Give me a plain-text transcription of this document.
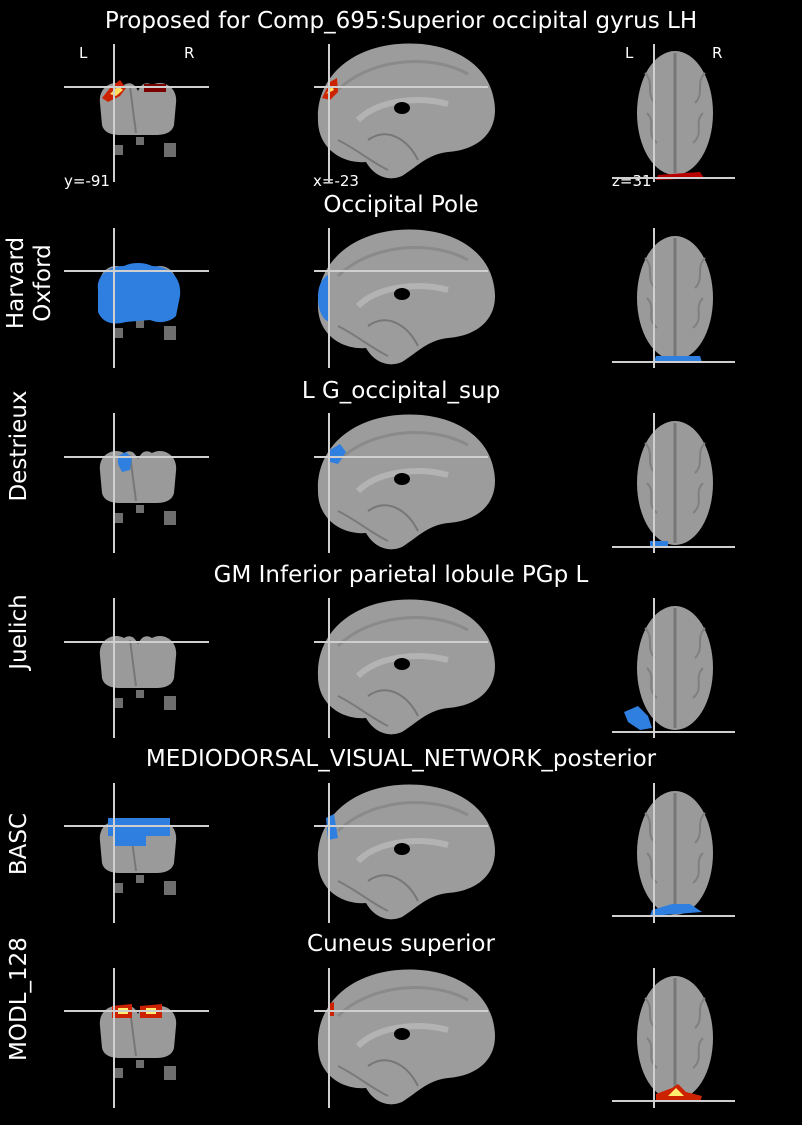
Proposed for Comp_695:Superior occipital gyrus LH
L	R	L	R
y=-91	x=-23	z=31
Occipital Pole
L G_occipital_sup
GM Inferior parietal lobule PGp L
MEDIODORSAL_VISUAL_NETWORK_posterior
Cuneus superior
Harvard
Oxford
Destrieux
Juelich
BASC
MODL_128
